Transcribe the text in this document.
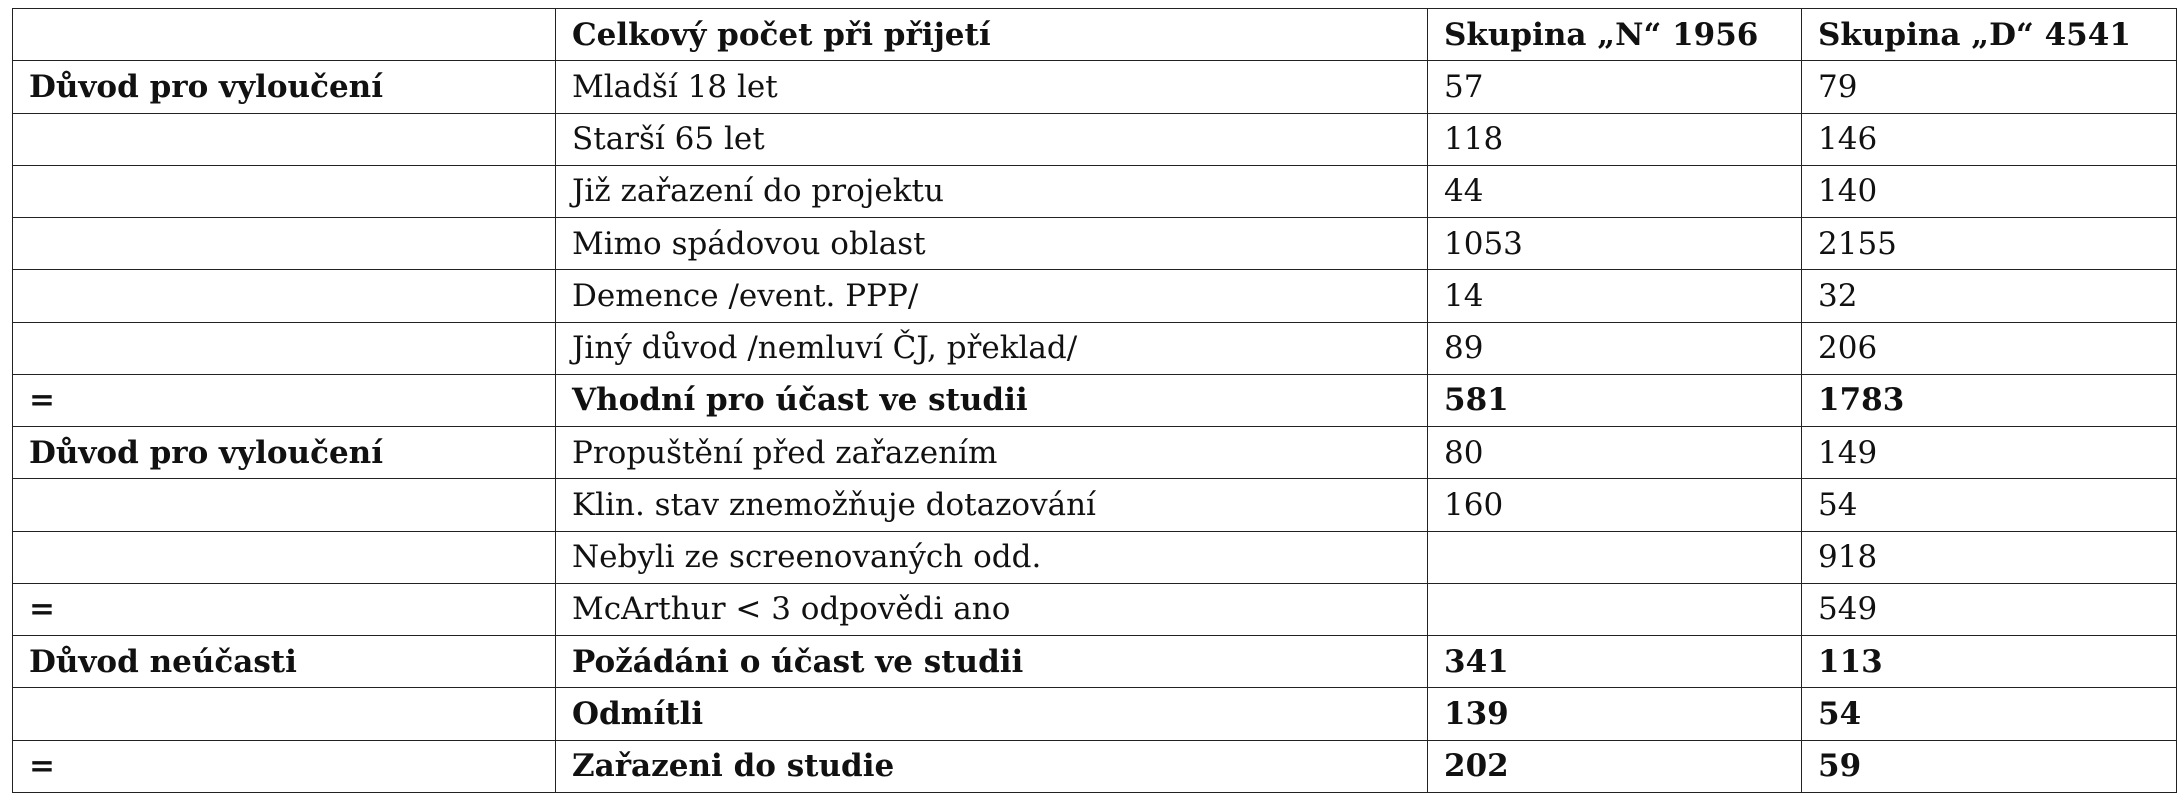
	Celkový počet při přijetí	Skupina „N“ 1956	Skupina „D“ 4541
Důvod pro vyloučení	Mladší 18 let	57	79
	Starší 65 let	118	146
	Již zařazení do projektu	44	140
	Mimo spádovou oblast	1053	2155
	Demence /event. PPP/	14	32
	Jiný důvod /nemluví ČJ, překlad/	89	206
=	Vhodní pro účast ve studii	581	1783
Důvod pro vyloučení	Propuštění před zařazením	80	149
	Klin. stav znemožňuje dotazování	160	54
	Nebyli ze screenovaných odd.		918
=	McArthur < 3 odpovědi ano		549
Důvod neúčasti	Požádáni o účast ve studii	341	113
	Odmítli	139	54
=	Zařazeni do studie	202	59
